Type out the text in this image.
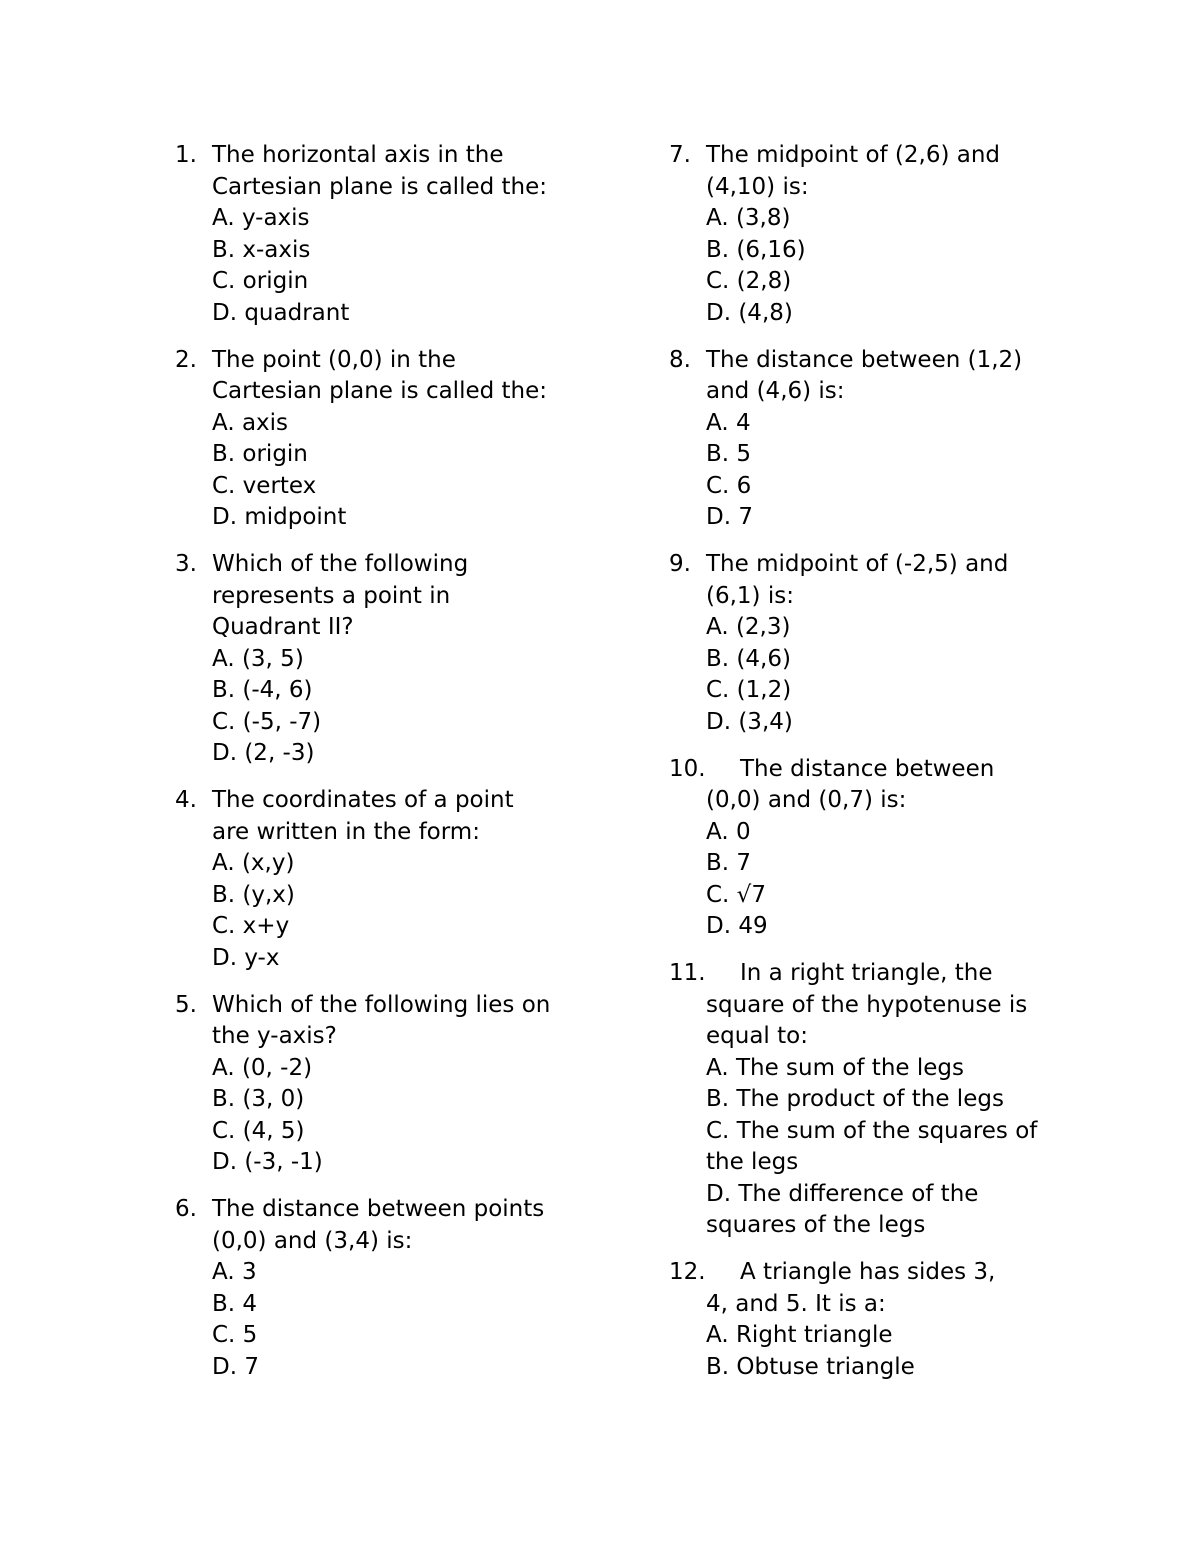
1. The horizontal axis in the
Cartesian plane is called the:
A. y-axis
B. x-axis
C. origin
D. quadrant
2. The point (0,0) in the
Cartesian plane is called the:
A. axis
B. origin
C. vertex
D. midpoint
3. Which of the following
represents a point in
Quadrant II?
A. (3, 5)
B. (-4, 6)
C. (-5, -7)
D. (2, -3)
4. The coordinates of a point
are written in the form:
A. (x,y)
B. (y,x)
C. x+y
D. y-x
5. Which of the following lies on
the y-axis?
A. (0, -2)
B. (3, 0)
C. (4, 5)
D. (-3, -1)
6. The distance between points
(0,0) and (3,4) is:
A. 3
B. 4
C. 5
D. 7
7. The midpoint of (2,6) and
(4,10) is:
A. (3,8)
B. (6,16)
C. (2,8)
D. (4,8)
8. The distance between (1,2)
and (4,6) is:
A. 4
B. 5
C. 6
D. 7
9. The midpoint of (-2,5) and
(6,1) is:
A. (2,3)
B. (4,6)
C. (1,2)
D. (3,4)
10. The distance between
(0,0) and (0,7) is:
A. 0
B. 7
C. √7
D. 49
11. In a right triangle, the
square of the hypotenuse is
equal to:
A. The sum of the legs
B. The product of the legs
C. The sum of the squares of
the legs
D. The difference of the
squares of the legs
12. A triangle has sides 3,
4, and 5. It is a:
A. Right triangle
B. Obtuse triangle
